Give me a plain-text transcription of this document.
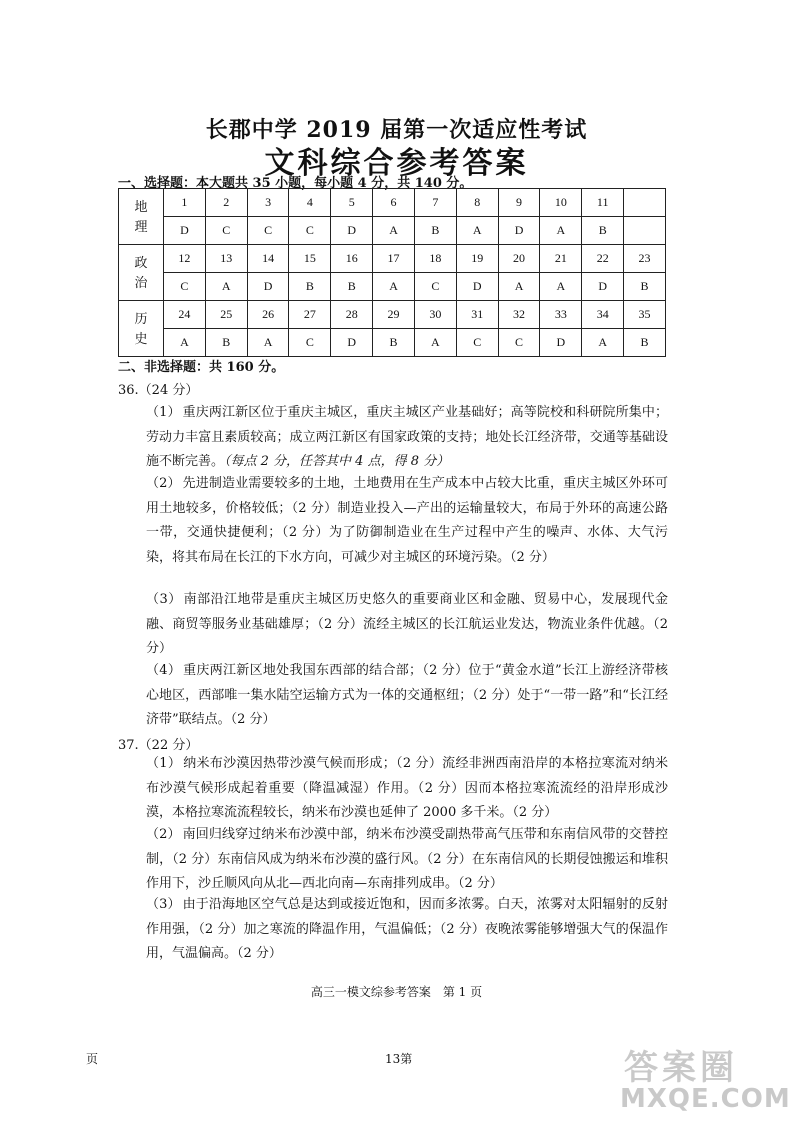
长郡中学 2019 届第一次适应性考试
文科综合参考答案
一、选择题：本大题共 35 小题，每小题 4 分，共 140 分。
地
理	1	2	3	4	5	6	7	8	9	10	11	
	D	C	C	C	D	A	B	A	D	A	B	
政
治	12	13	14	15	16	17	18	19	20	21	22	23
	C	A	D	B	B	A	C	D	A	A	D	B
历
史	24	25	26	27	28	29	30	31	32	33	34	35
	A	B	A	C	D	B	A	C	C	D	A	B
二、非选择题：共 160 分。
36.（24 分）
（1） 重庆两江新区位于重庆主城区，重庆主城区产业基础好；高等院校和科研院所集中；劳动力丰富且素质较高；成立两江新区有国家政策的支持；地处长江经济带，交通等基础设施不断完善。（每点 2 分，任答其中 4 点，得 8 分）
（2） 先进制造业需要较多的土地，土地费用在生产成本中占较大比重，重庆主城区外环可用土地较多，价格较低；（2 分）制造业投入—产出的运输量较大，布局于外环的高速公路一带，交通快捷便利；（2 分）为了防御制造业在生产过程中产生的噪声、水体、大气污染，将其布局在长江的下水方向，可减少对主城区的环境污染。（2 分）
（3） 南部沿江地带是重庆主城区历史悠久的重要商业区和金融、贸易中心，发展现代金融、商贸等服务业基础雄厚；（2 分）流经主城区的长江航运业发达，物流业条件优越。（2 分）
（4） 重庆两江新区地处我国东西部的结合部；（2 分）位于“黄金水道”长江上游经济带核心地区，西部唯一集水陆空运输方式为一体的交通枢纽；（2 分）处于“一带一路”和“长江经济带”联结点。（2 分）
37.（22 分）
（1） 纳米布沙漠因热带沙漠气候而形成；（2 分）流经非洲西南沿岸的本格拉寒流对纳米布沙漠气候形成起着重要（降温减湿）作用。（2 分）因而本格拉寒流流经的沿岸形成沙漠，本格拉寒流流程较长，纳米布沙漠也延伸了 2000 多千米。（2 分）
（2） 南回归线穿过纳米布沙漠中部，纳米布沙漠受副热带高气压带和东南信风带的交替控制，（2 分）东南信风成为纳米布沙漠的盛行风。（2 分）在东南信风的长期侵蚀搬运和堆积作用下，沙丘顺风向从北—西北向南—东南排列成串。（2 分）
（3） 由于沿海地区空气总是达到或接近饱和，因而多浓雾。白天，浓雾对太阳辐射的反射作用强，（2 分）加之寒流的降温作用，气温偏低；（2 分）夜晚浓雾能够增强大气的保温作用，气温偏高。（2 分）
高三一模文综参考答案　第 1 页
页	13第	答案圈
MXQE.COM
